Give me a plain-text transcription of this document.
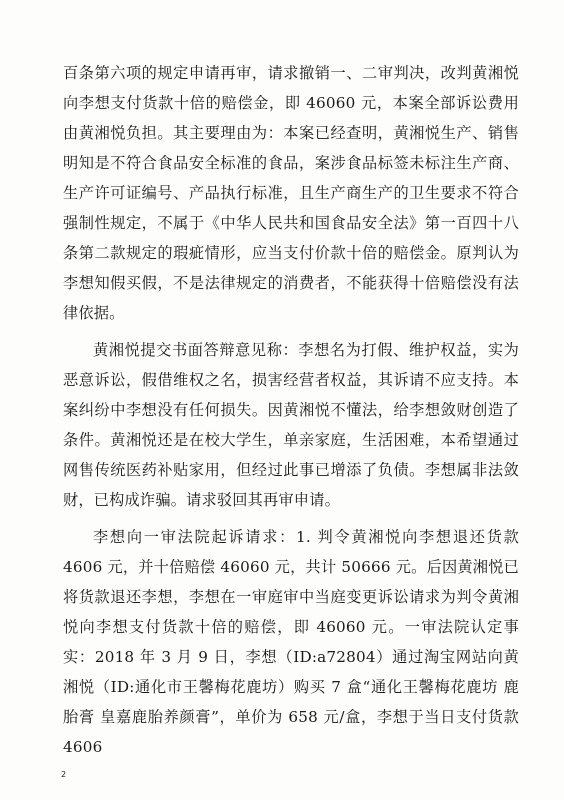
百条第六项的规定申请再审，请求撤销一、二审判决，改判黄湘悦向李想支付货款十倍的赔偿金，即 46060 元，本案全部诉讼费用由黄湘悦负担。其主要理由为：本案已经查明，黄湘悦生产、销售明知是不符合食品安全标准的食品，案涉食品标签未标注生产商、生产许可证编号、产品执行标准，且生产商生产的卫生要求不符合强制性规定，不属于《中华人民共和国食品安全法》第一百四十八条第二款规定的瑕疵情形，应当支付价款十倍的赔偿金。原判认为李想知假买假，不是法律规定的消费者，不能获得十倍赔偿没有法律依据。

黄湘悦提交书面答辩意见称：李想名为打假、维护权益，实为恶意诉讼，假借维权之名，损害经营者权益，其诉请不应支持。本案纠纷中李想没有任何损失。因黄湘悦不懂法，给李想敛财创造了条件。黄湘悦还是在校大学生，单亲家庭，生活困难，本希望通过网售传统医药补贴家用，但经过此事已增添了负债。李想属非法敛财，已构成诈骗。请求驳回其再审申请。

李想向一审法院起诉请求：1. 判令黄湘悦向李想退还货款 4606 元，并十倍赔偿 46060 元，共计 50666 元。后因黄湘悦已将货款退还李想，李想在一审庭审中当庭变更诉讼请求为判令黄湘悦向李想支付货款十倍的赔偿，即 46060 元。一审法院认定事实：2018 年 3 月 9 日，李想（ID:a72804）通过淘宝网站向黄湘悦（ID:通化市王馨梅花鹿坊）购买 7 盒“通化王馨梅花鹿坊 鹿胎膏 皇嘉鹿胎养颜膏”，单价为 658 元/盒，李想于当日支付货款 4606

2
